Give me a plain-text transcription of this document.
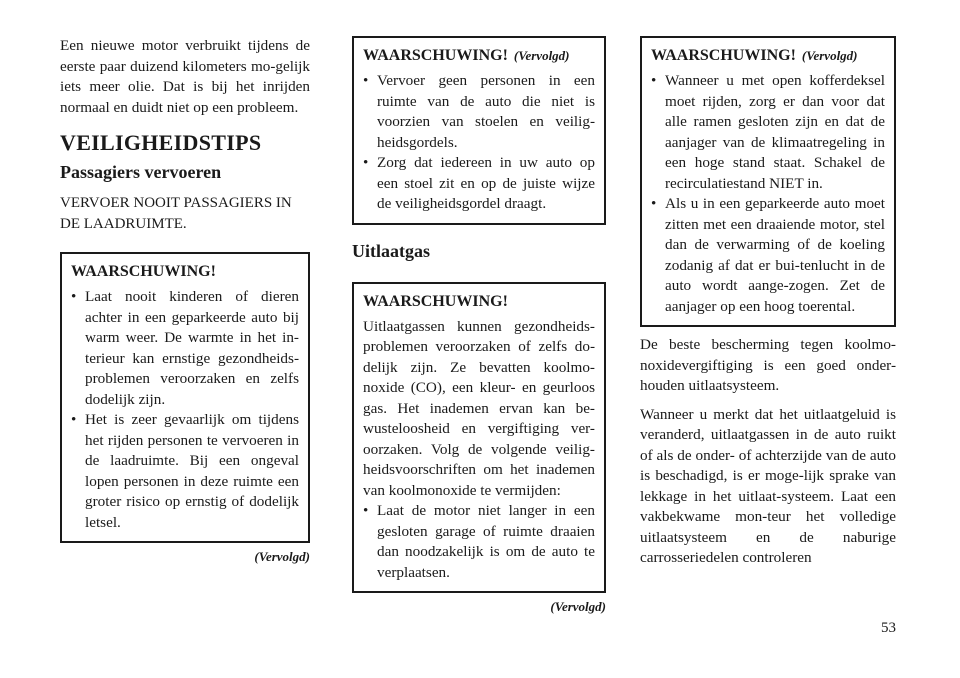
Een nieuwe motor verbruikt tijdens de eerste paar duizend kilometers mo-gelijk iets meer olie. Dat is bij het inrijden normaal en duidt niet op een probleem.

VEILIGHEIDSTIPS
Passagiers vervoeren

VERVOER NOOIT PASSAGIERS IN DE LAADRUIMTE.

WAARSCHUWING!
• Laat nooit kinderen of dieren achter in een geparkeerde auto bij warm weer. De warmte in het in-terieur kan ernstige gezondheids-problemen veroorzaken en zelfs dodelijk zijn.
• Het is zeer gevaarlijk om tijdens het rijden personen te vervoeren in de laadruimte. Bij een ongeval lopen personen in deze ruimte een groter risico op ernstig of dodelijk letsel.
(Vervolgd)
WAARSCHUWING! (Vervolgd)
• Vervoer geen personen in een ruimte van de auto die niet is voorzien van stoelen en veilig-heidsgordels.
• Zorg dat iedereen in uw auto op een stoel zit en op de juiste wijze de veiligheidsgordel draagt.
Uitlaatgas
WAARSCHUWING!

Uitlaatgassen kunnen gezondheids-problemen veroorzaken of zelfs do-delijk zijn. Ze bevatten koolmo-noxide (CO), een kleur- en geurloos gas. Het inademen ervan kan be-wusteloosheid en vergiftiging ver-oorzaken. Volg de volgende veilig-heidsvoorschriften om het inademen van koolmonoxide te vermijden:

• Laat de motor niet langer in een gesloten garage of ruimte draaien dan noodzakelijk is om de auto te verplaatsen.
(Vervolgd)
WAARSCHUWING! (Vervolgd)
• Wanneer u met open kofferdeksel moet rijden, zorg er dan voor dat alle ramen gesloten zijn en dat de aanjager van de klimaatregeling in een hoge stand staat. Schakel de recirculatiestand NIET in.
• Als u in een geparkeerde auto moet zitten met een draaiende motor, stel dan de verwarming of de koeling zodanig af dat er bui-tenlucht in de auto wordt aange-zogen. Zet de aanjager op een hoog toerental.

De beste bescherming tegen koolmo-noxidevergiftiging is een goed onder-houden uitlaatsysteem.

Wanneer u merkt dat het uitlaatgeluid is veranderd, uitlaatgassen in de auto ruikt of als de onder- of achterzijde van de auto is beschadigd, is er moge-lijk sprake van lekkage in het uitlaat-systeem. Laat een vakbekwame mon-teur het volledige uitlaatsysteem en de naburige carrosseriedelen controleren

53
